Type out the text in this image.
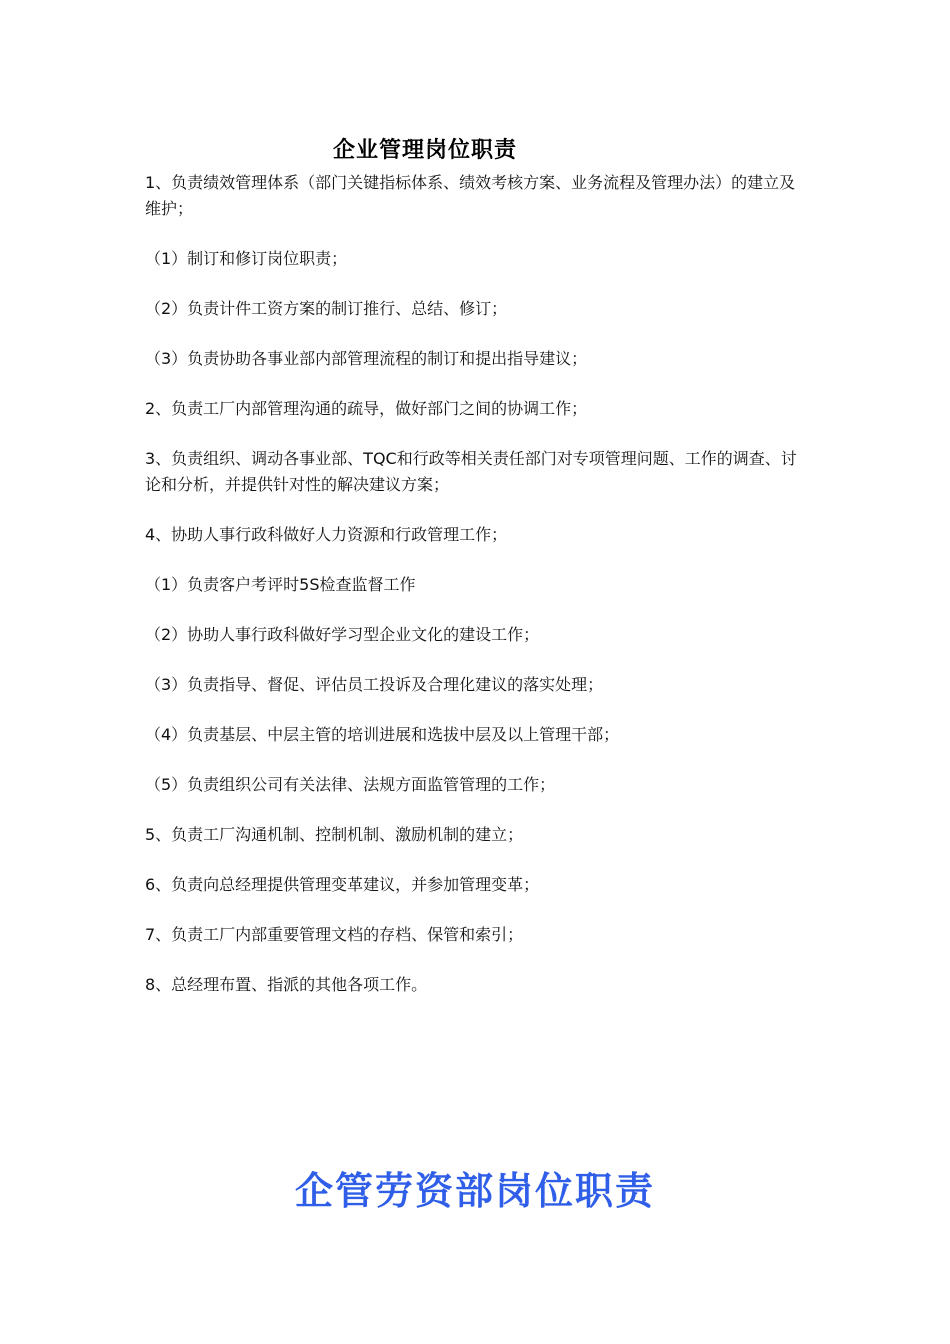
企业管理岗位职责

1、负责绩效管理体系（部门关键指标体系、绩效考核方案、业务流程及管理办法）的建立及维护；

（1）制订和修订岗位职责；

（2）负责计件工资方案的制订推行、总结、修订；

（3）负责协助各事业部内部管理流程的制订和提出指导建议；

2、负责工厂内部管理沟通的疏导，做好部门之间的协调工作；

3、负责组织、调动各事业部、TQC和行政等相关责任部门对专项管理问题、工作的调查、讨论和分析，并提供针对性的解决建议方案；

4、协助人事行政科做好人力资源和行政管理工作；

（1）负责客户考评时5S检查监督工作

（2）协助人事行政科做好学习型企业文化的建设工作；

（3）负责指导、督促、评估员工投诉及合理化建议的落实处理；

（4）负责基层、中层主管的培训进展和选拔中层及以上管理干部；

（5）负责组织公司有关法律、法规方面监管管理的工作；

5、负责工厂沟通机制、控制机制、激励机制的建立；

6、负责向总经理提供管理变革建议，并参加管理变革；

7、负责工厂内部重要管理文档的存档、保管和索引；

8、总经理布置、指派的其他各项工作。

企管劳资部岗位职责
